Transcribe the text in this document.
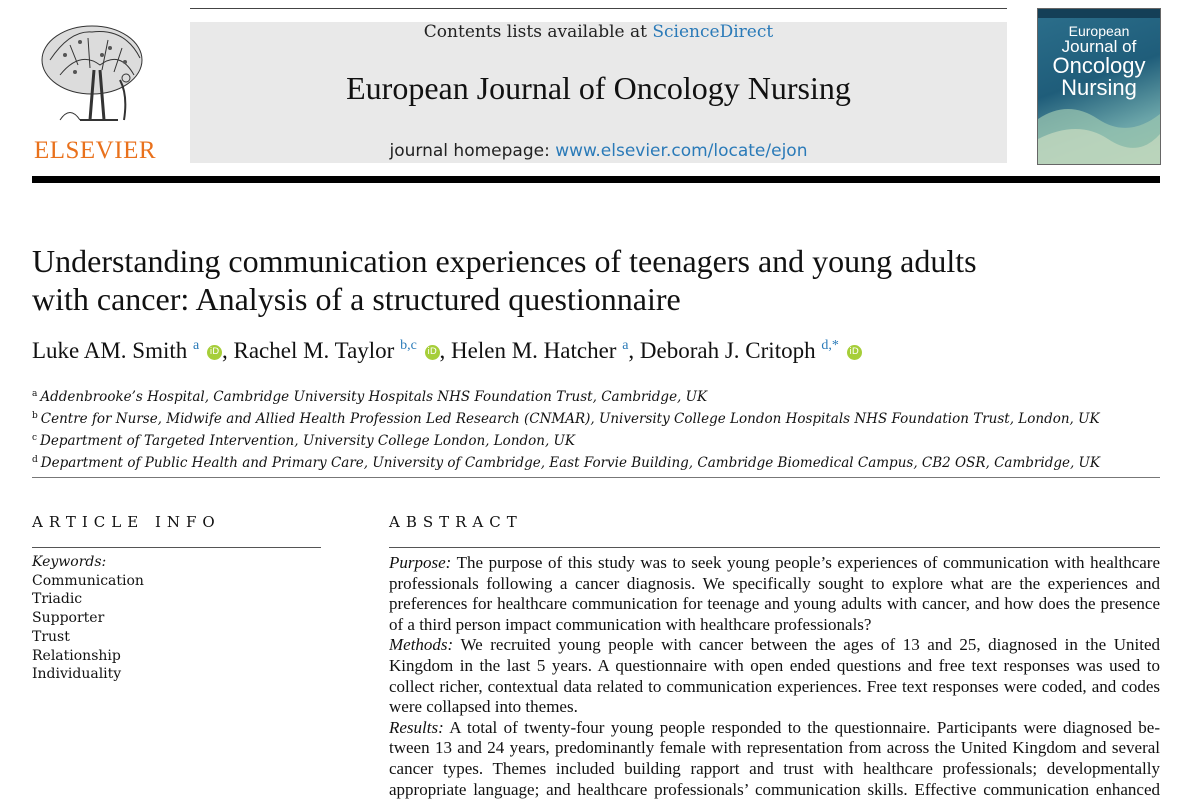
ELSEVIER
Contents lists available at ScienceDirect
European Journal of Oncology Nursing
journal homepage: www.elsevier.com/locate/ejon
European
Journal of
Oncology
Nursing
Understanding communication experiences of teenagers and young adults
with cancer: Analysis of a structured questionnaire
Luke AM. Smith $^a$ iD , Rachel M. Taylor $^{b,c}$ iD , Helen M. Hatcher $^a$, Deborah J. Critoph $^{d,*}$ iD
$^a$ Addenbrooke’s Hospital, Cambridge University Hospitals NHS Foundation Trust, Cambridge, UK
$^b$ Centre for Nurse, Midwife and Allied Health Profession Led Research (CNMAR), University College London Hospitals NHS Foundation Trust, London, UK
$^c$ Department of Targeted Intervention, University College London, London, UK
$^d$ Department of Public Health and Primary Care, University of Cambridge, East Forvie Building, Cambridge Biomedical Campus, CB2 OSR, Cambridge, UK
ARTICLE INFO	ABSTRACT
Keywords:
Communication
Triadic
Supporter
Trust
Relationship
Individuality
Purpose: The purpose of this study was to seek young people’s experiences of communication with healthcare
professionals following a cancer diagnosis. We specifically sought to explore what are the experiences and
preferences for healthcare communication for teenage and young adults with cancer, and how does the presence
of a third person impact communication with healthcare professionals?
Methods: We recruited young people with cancer between the ages of 13 and 25, diagnosed in the United
Kingdom in the last 5 years. A questionnaire with open ended questions and free text responses was used to
collect richer, contextual data related to communication experiences. Free text responses were coded, and codes
were collapsed into themes.
Results: A total of twenty-four young people responded to the questionnaire. Participants were diagnosed be-
tween 13 and 24 years, predominantly female with representation from across the United Kingdom and several
cancer types. Themes included building rapport and trust with healthcare professionals; developmentally
appropriate language; and healthcare professionals’ communication skills. Effective communication enhanced
